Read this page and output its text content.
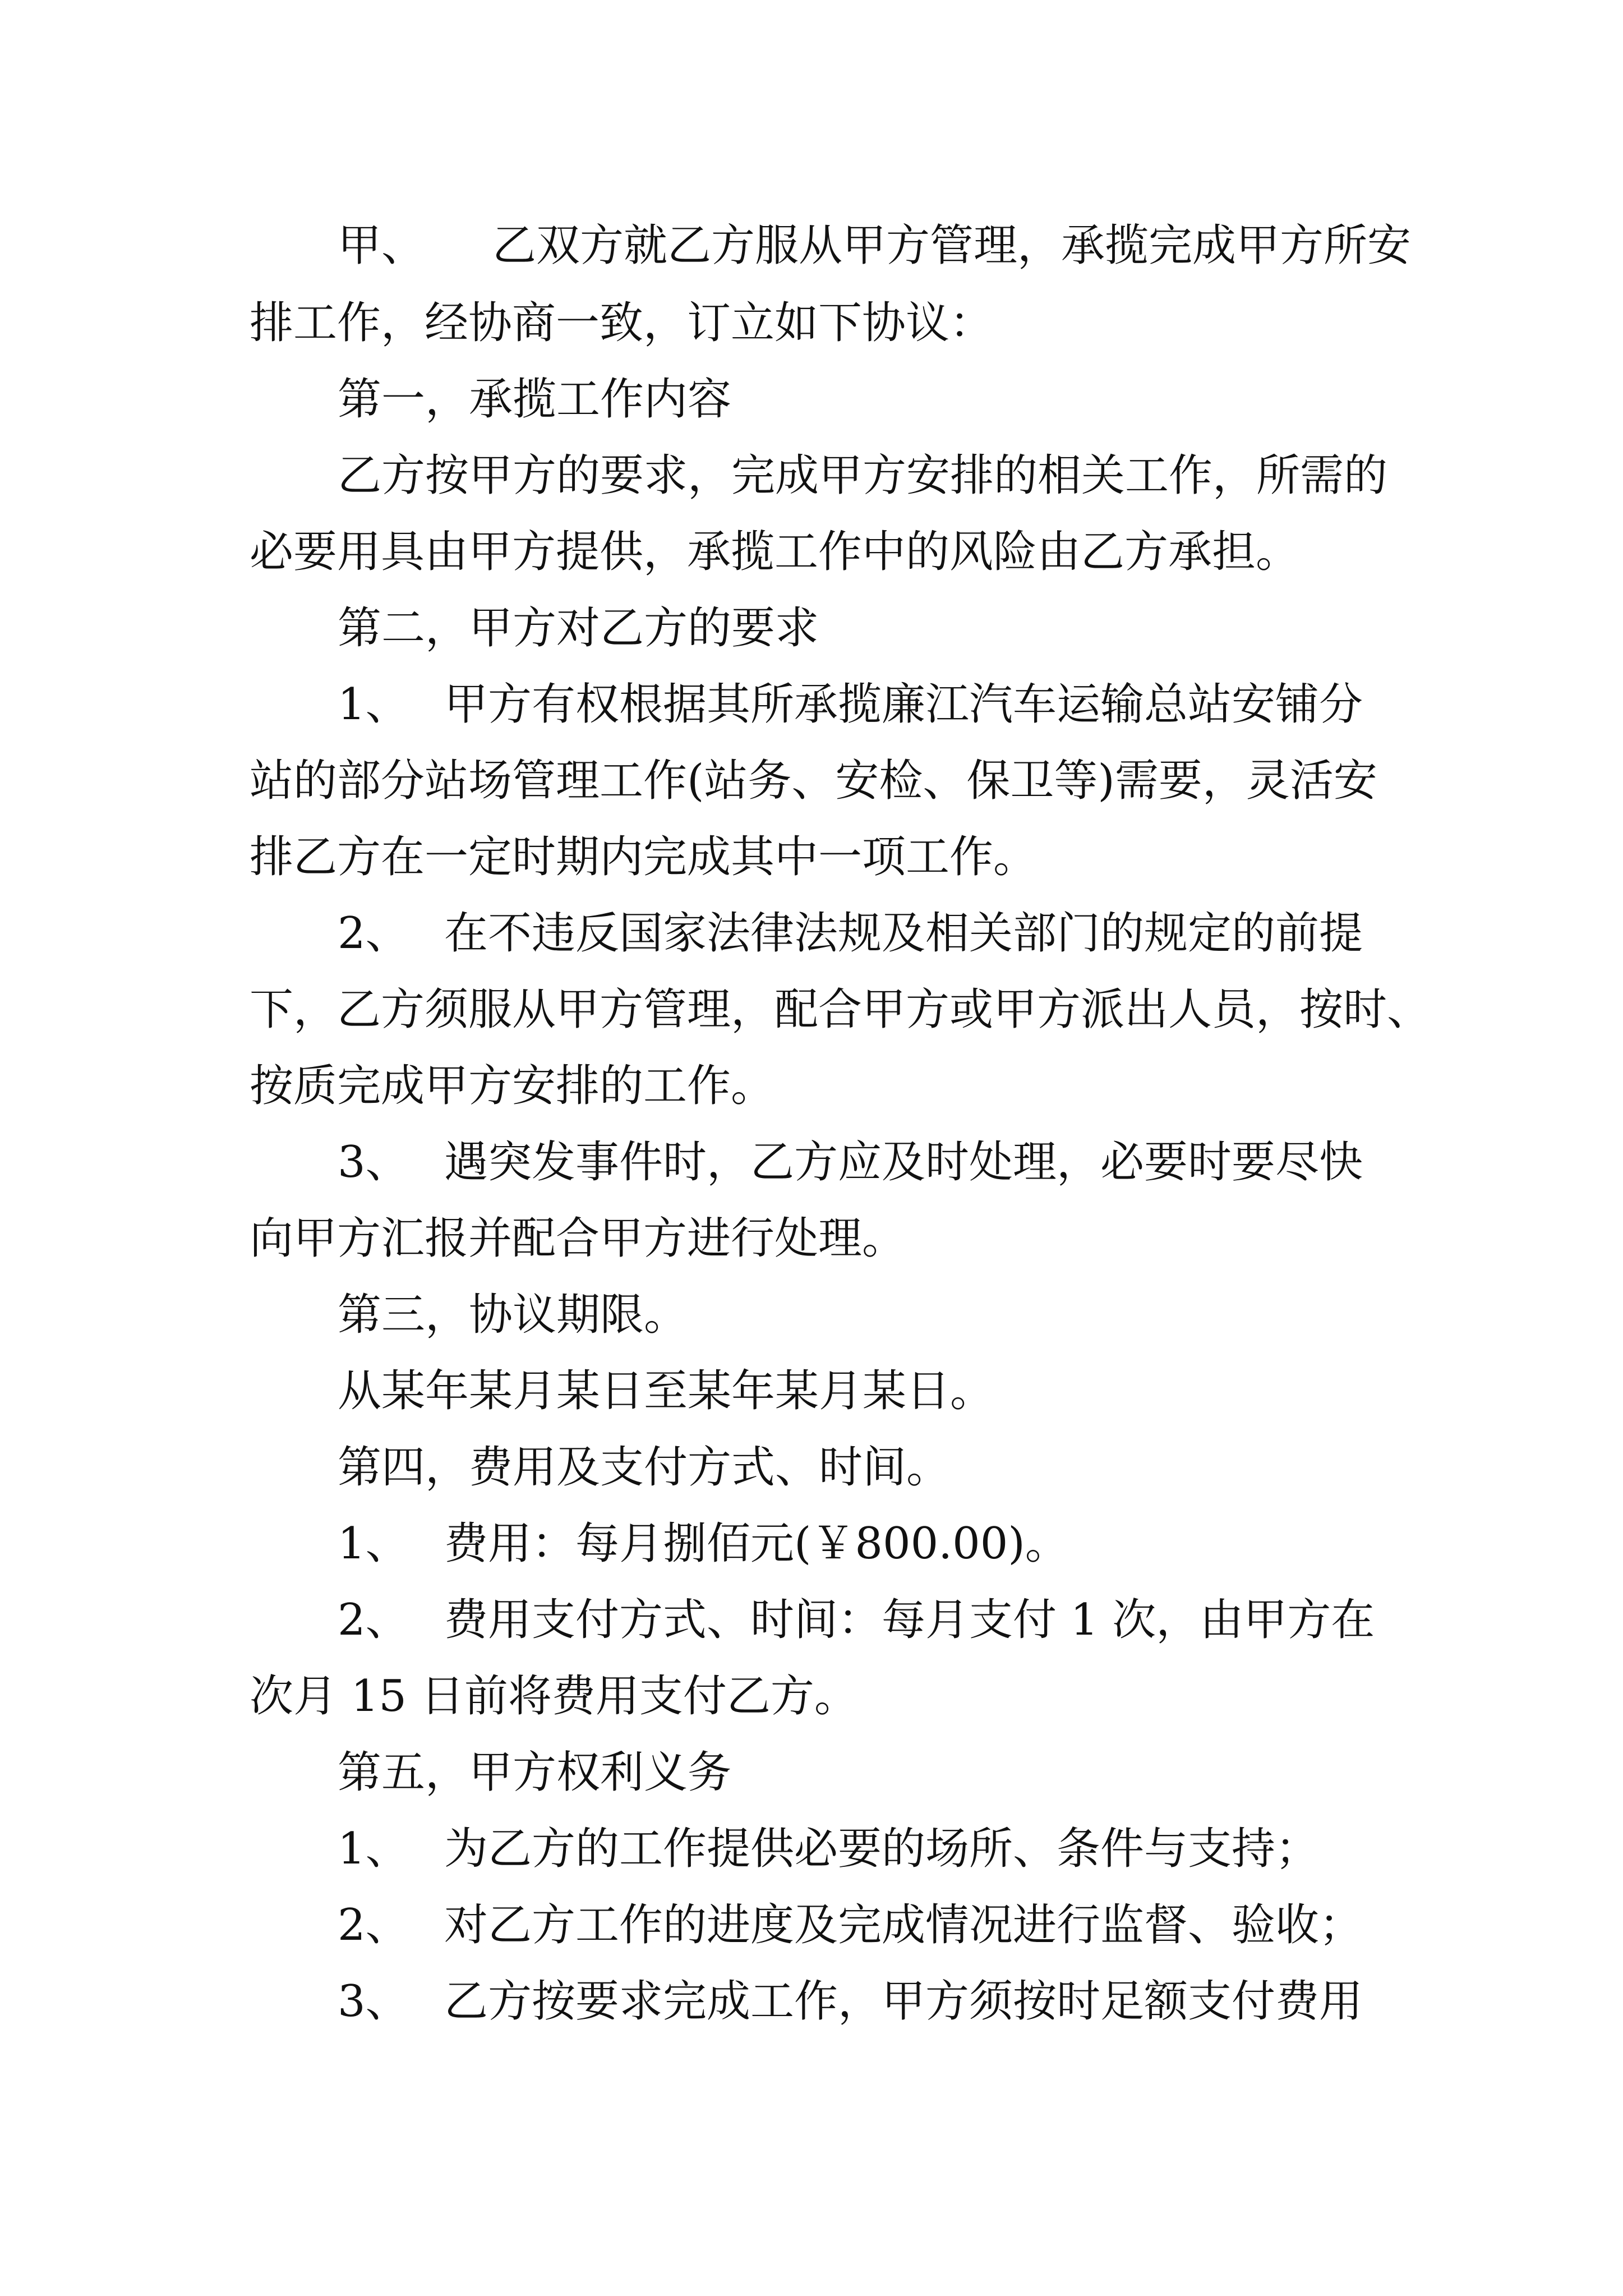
甲、 乙双方就乙方服从甲方管理，承揽完成甲方所安

排工作，经协商一致，订立如下协议：

第一，承揽工作内容

乙方按甲方的要求，完成甲方安排的相关工作，所需的

必要用具由甲方提供，承揽工作中的风险由乙方承担。

第二，甲方对乙方的要求

1、 甲方有权根据其所承揽廉江汽车运输总站安铺分

站的部分站场管理工作(站务、安检、保卫等)需要，灵活安

排乙方在一定时期内完成其中一项工作。

2、 在不违反国家法律法规及相关部门的规定的前提

下，乙方须服从甲方管理，配合甲方或甲方派出人员，按时、

按质完成甲方安排的工作。

3、 遇突发事件时，乙方应及时处理，必要时要尽快

向甲方汇报并配合甲方进行处理。

第三，协议期限。

从某年某月某日至某年某月某日。

第四，费用及支付方式、时间。

1、 费用：每月捌佰元(￥800.00)。

2、 费用支付方式、时间：每月支付 1 次，由甲方在

次月 15 日前将费用支付乙方。

第五，甲方权利义务

1、 为乙方的工作提供必要的场所、条件与支持；

2、 对乙方工作的进度及完成情况进行监督、验收；

3、 乙方按要求完成工作，甲方须按时足额支付费用
